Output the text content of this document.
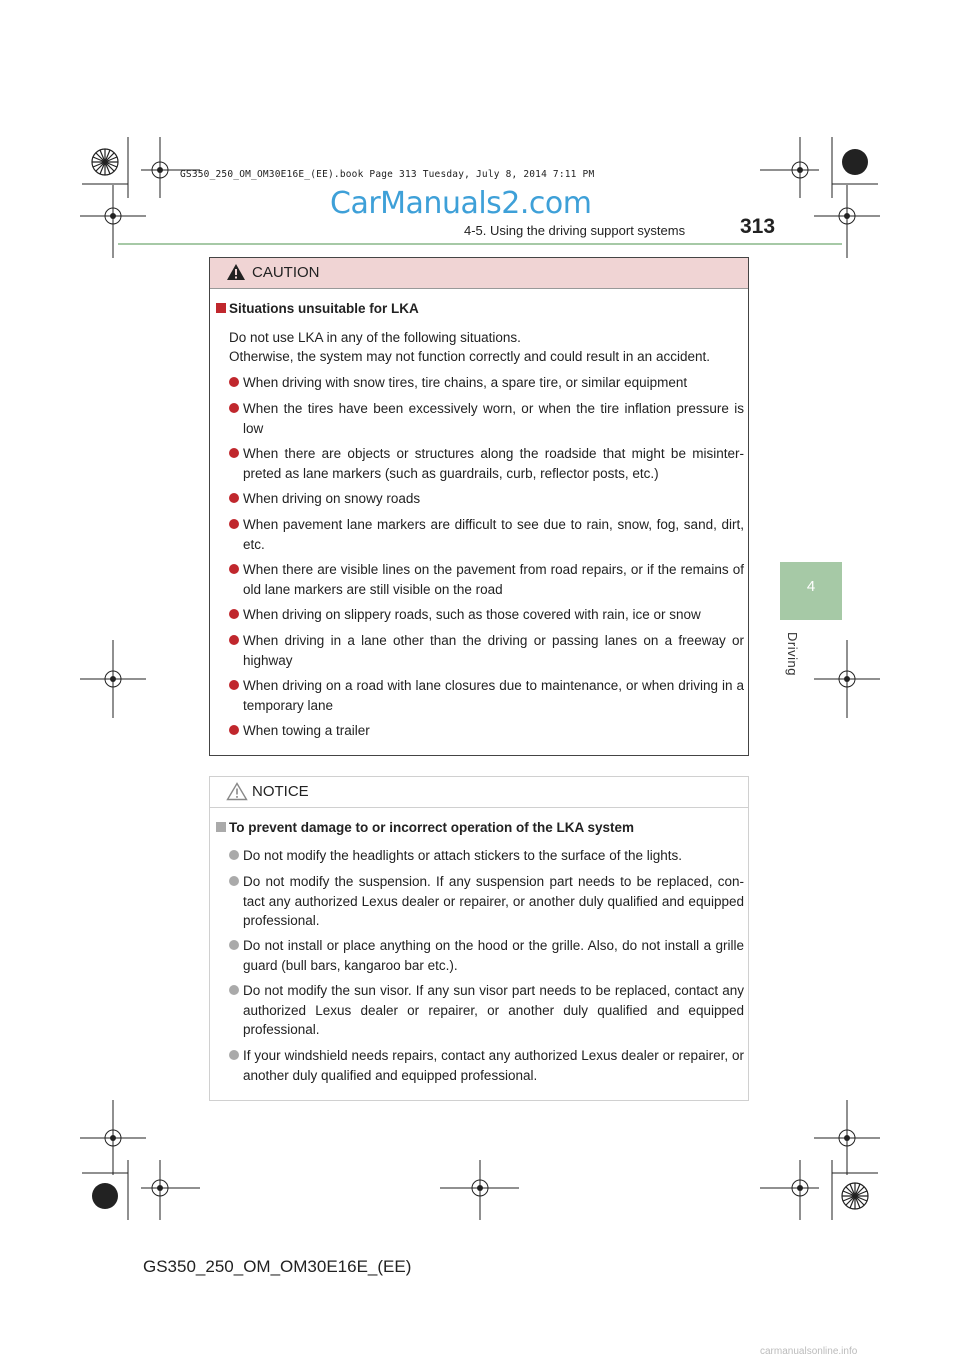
GS350_250_OM_OM30E16E_(EE).book Page 313 Tuesday, July 8, 2014 7:11 PM
CarManuals2.com
4-5. Using the driving support systems	313
4
Driving
CAUTION
Situations unsuitable for LKA
Do not use LKA in any of the following situations.
Otherwise, the system may not function correctly and could result in an accident.
When driving with snow tires, tire chains, a spare tire, or similar equipment
When the tires have been excessively worn, or when the tire inflation pressure is low
When there are objects or structures along the roadside that might be misinter-preted as lane markers (such as guardrails, curb, reflector posts, etc.)
When driving on snowy roads
When pavement lane markers are difficult to see due to rain, snow, fog, sand, dirt, etc.
When there are visible lines on the pavement from road repairs, or if the remains of old lane markers are still visible on the road
When driving on slippery roads, such as those covered with rain, ice or snow
When driving in a lane other than the driving or passing lanes on a freeway or highway
When driving on a road with lane closures due to maintenance, or when driving in a temporary lane
When towing a trailer
NOTICE
To prevent damage to or incorrect operation of the LKA system
Do not modify the headlights or attach stickers to the surface of the lights.
Do not modify the suspension. If any suspension part needs to be replaced, con-tact any authorized Lexus dealer or repairer, or another duly qualified and equipped professional.
Do not install or place anything on the hood or the grille. Also, do not install a grille guard (bull bars, kangaroo bar etc.).
Do not modify the sun visor. If any sun visor part needs to be replaced, contact any authorized Lexus dealer or repairer, or another duly qualified and equipped professional.
If your windshield needs repairs, contact any authorized Lexus dealer or repairer, or another duly qualified and equipped professional.
GS350_250_OM_OM30E16E_(EE)
carmanualsonline.info
